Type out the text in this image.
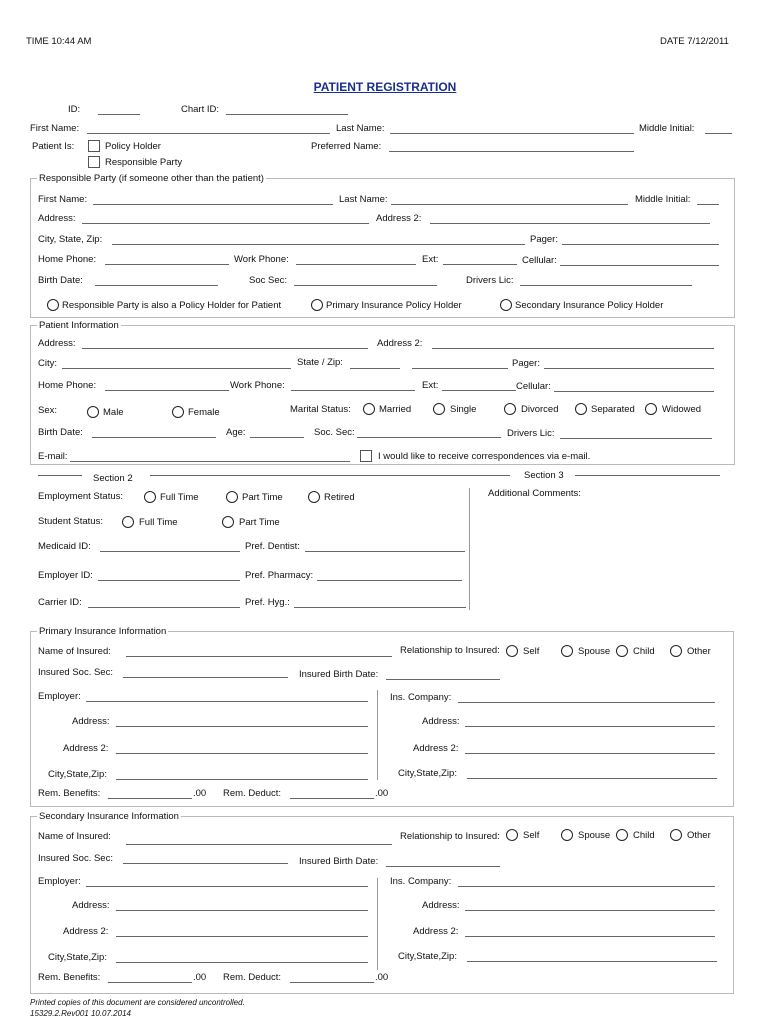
TIME 10:44 AM	DATE 7/12/2011
PATIENT REGISTRATION
ID:	Chart ID:
First Name:	Last Name:	Middle Initial:
Patient Is:	Policy Holder	Preferred Name:
Responsible Party
Responsible Party (if someone other than the patient)
First Name:	Last Name:	Middle Initial:
Address:	Address 2:
City, State, Zip:	Pager:
Home Phone:	Work Phone:	Ext:	Cellular:
Birth Date:	Soc Sec:	Drivers Lic:
Responsible Party is also a Policy Holder for Patient	Primary Insurance Policy Holder	Secondary Insurance Policy Holder
Patient Information
Address:	Address 2:
City:	State / Zip:	Pager:
Home Phone:	Work Phone:	Ext:	Cellular:
Sex:	Male	Female	Marital Status:	Married	Single	Divorced	Separated	Widowed
Birth Date:	Age:	Soc. Sec:	Drivers Lic:
E-mail:	I would like to receive correspondences via e-mail.
Section 2	Section 3
Employment Status:	Full Time	Part Time	Retired	Additional Comments:
Student Status:	Full Time	Part Time
Medicaid ID:	Pref. Dentist:
Employer ID:	Pref. Pharmacy:
Carrier ID:	Pref. Hyg.:
Primary Insurance Information
Name of Insured:	Relationship to Insured: Self	Spouse Child	Other
Insured Soc. Sec:	Insured Birth Date:
Employer:	Ins. Company:
Address:	Address:
Address 2:	Address 2:
City,State,Zip:	City,State,Zip:
Rem. Benefits:	.00 Rem. Deduct:	.00
Secondary Insurance Information
Name of Insured:	Relationship to Insured: Self	Spouse Child	Other
Insured Soc. Sec:	Insured Birth Date:
Employer:	Ins. Company:
Address:	Address:
Address 2:	Address 2:
City,State,Zip:	City,State,Zip:
Rem. Benefits:	.00 Rem. Deduct:	.00
Printed copies of this document are considered uncontrolled.
15329.2.Rev001 10.07.2014
